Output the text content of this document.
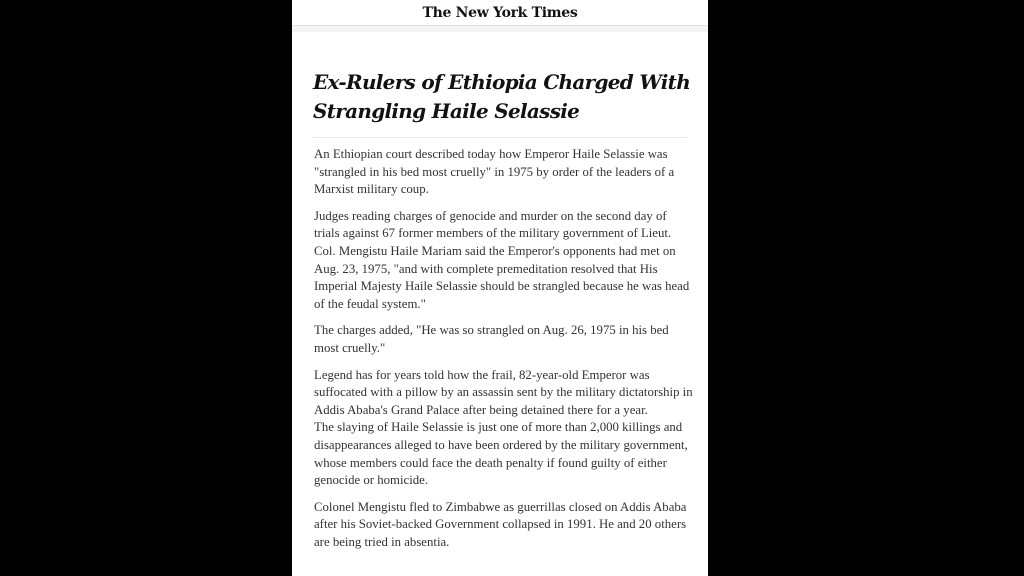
The New York Times
Ex-Rulers of Ethiopia Charged With Strangling Haile Selassie

An Ethiopian court described today how Emperor Haile Selassie was "strangled in his bed most cruelly" in 1975 by order of the leaders of a Marxist military coup.

Judges reading charges of genocide and murder on the second day of trials against 67 former members of the military government of Lieut. Col. Mengistu Haile Mariam said the Emperor's opponents had met on Aug. 23, 1975, "and with complete premeditation resolved that His Imperial Majesty Haile Selassie should be strangled because he was head of the feudal system."

The charges added, "He was so strangled on Aug. 26, 1975 in his bed most cruelly."

Legend has for years told how the frail, 82-year-old Emperor was suffocated with a pillow by an assassin sent by the military dictatorship in Addis Ababa's Grand Palace after being detained there for a year.

The slaying of Haile Selassie is just one of more than 2,000 killings and disappearances alleged to have been ordered by the military government, whose members could face the death penalty if found guilty of either genocide or homicide.

Colonel Mengistu fled to Zimbabwe as guerrillas closed on Addis Ababa after his Soviet-backed Government collapsed in 1991. He and 20 others are being tried in absentia.
